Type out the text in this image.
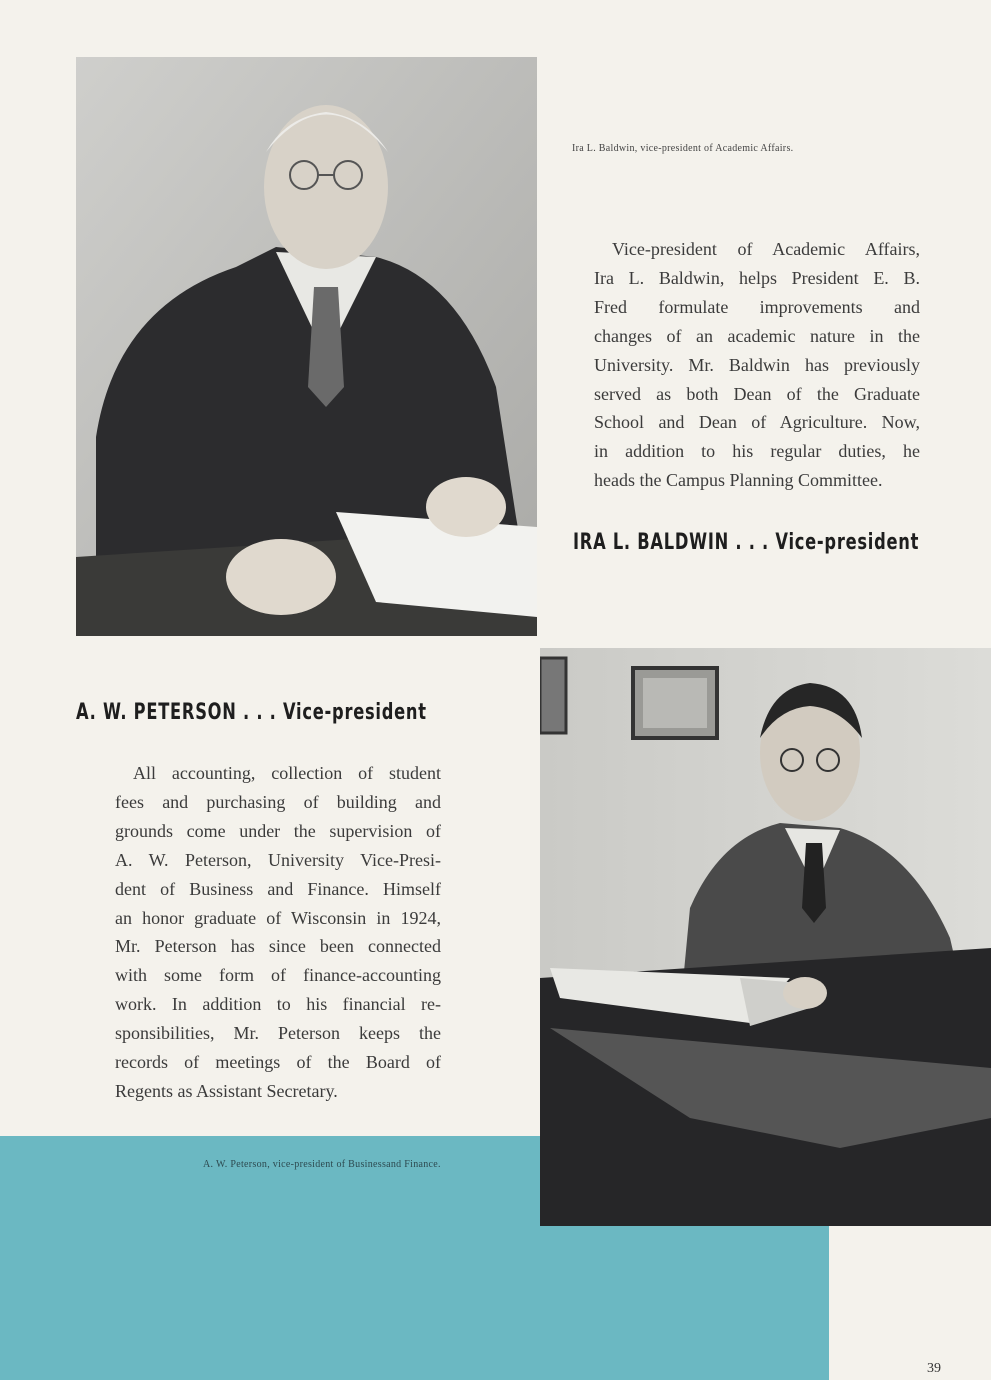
Ira L. Baldwin, vice-president of Academic Affairs.

Vice-president of Academic Affairs,
Ira L. Baldwin, helps President E. B.
Fred formulate improvements and
changes of an academic nature in the
University. Mr. Baldwin has previously
served as both Dean of the Graduate
School and Dean of Agriculture. Now,
in addition to his regular duties, he
heads the Campus Planning Committee.

IRA L. BALDWIN . . . Vice-president
A. W. PETERSON . . . Vice-president

All accounting, collection of student
fees and purchasing of building and
grounds come under the supervision of
A. W. Peterson, University Vice-Presi-
dent of Business and Finance. Himself
an honor graduate of Wisconsin in 1924,
Mr. Peterson has since been connected
with some form of finance-accounting
work. In addition to his financial re-
sponsibilities, Mr. Peterson keeps the
records of meetings of the Board of
Regents as Assistant Secretary.

A. W. Peterson, vice-president of Businessand Finance.
39
